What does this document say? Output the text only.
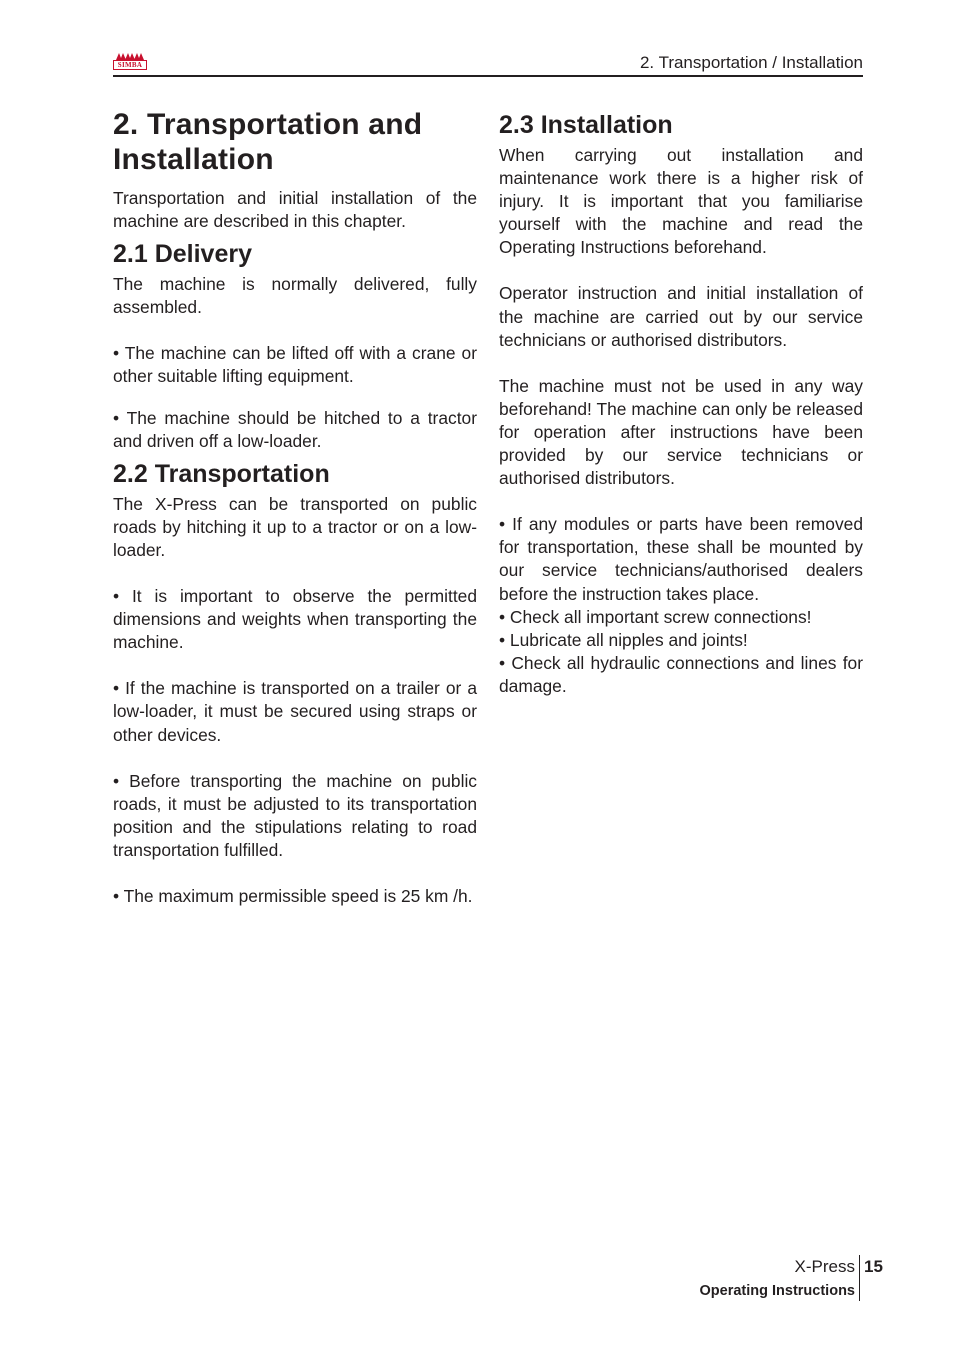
SIMBA	2. Transportation / Installation
2. Transportation and Installation

Transportation and initial installation of the machine are described in this chapter.

2.1 Delivery

The machine is normally delivered, fully assembled.

• The machine can be lifted off with a crane or other suitable lifting equipment.

• The machine should be hitched to a tractor and driven off a low-loader.

2.2 Transportation

The X-Press can be transported on public roads by hitching it up to a tractor or on a low-loader.

• It is important to observe the permitted dimensions and weights when transporting the machine.

• If the machine is transported on a trailer or a low-loader, it must be secured using straps or other devices.

• Before transporting the machine on public roads, it must be adjusted to its transportation position and the stipulations relating to road transportation fulfilled.

• The maximum permissible speed is 25 km /h.

2.3 Installation

When carrying out installation and maintenance work there is a higher risk of injury. It is important that you familiarise yourself with the machine and read the Operating Instructions beforehand.

Operator instruction and initial installation of the machine are carried out by our service technicians or authorised distributors.

The machine must not be used in any way beforehand! The machine can only be released for operation after instructions have been provided by our service technicians or authorised distributors.

• If any modules or parts have been removed for transportation, these shall be mounted by our service technicians/authorised dealers before the instruction takes place.

• Check all important screw connections!

• Lubricate all nipples and joints!

• Check all hydraulic connections and lines for damage.

X-Press 15
Operating Instructions
